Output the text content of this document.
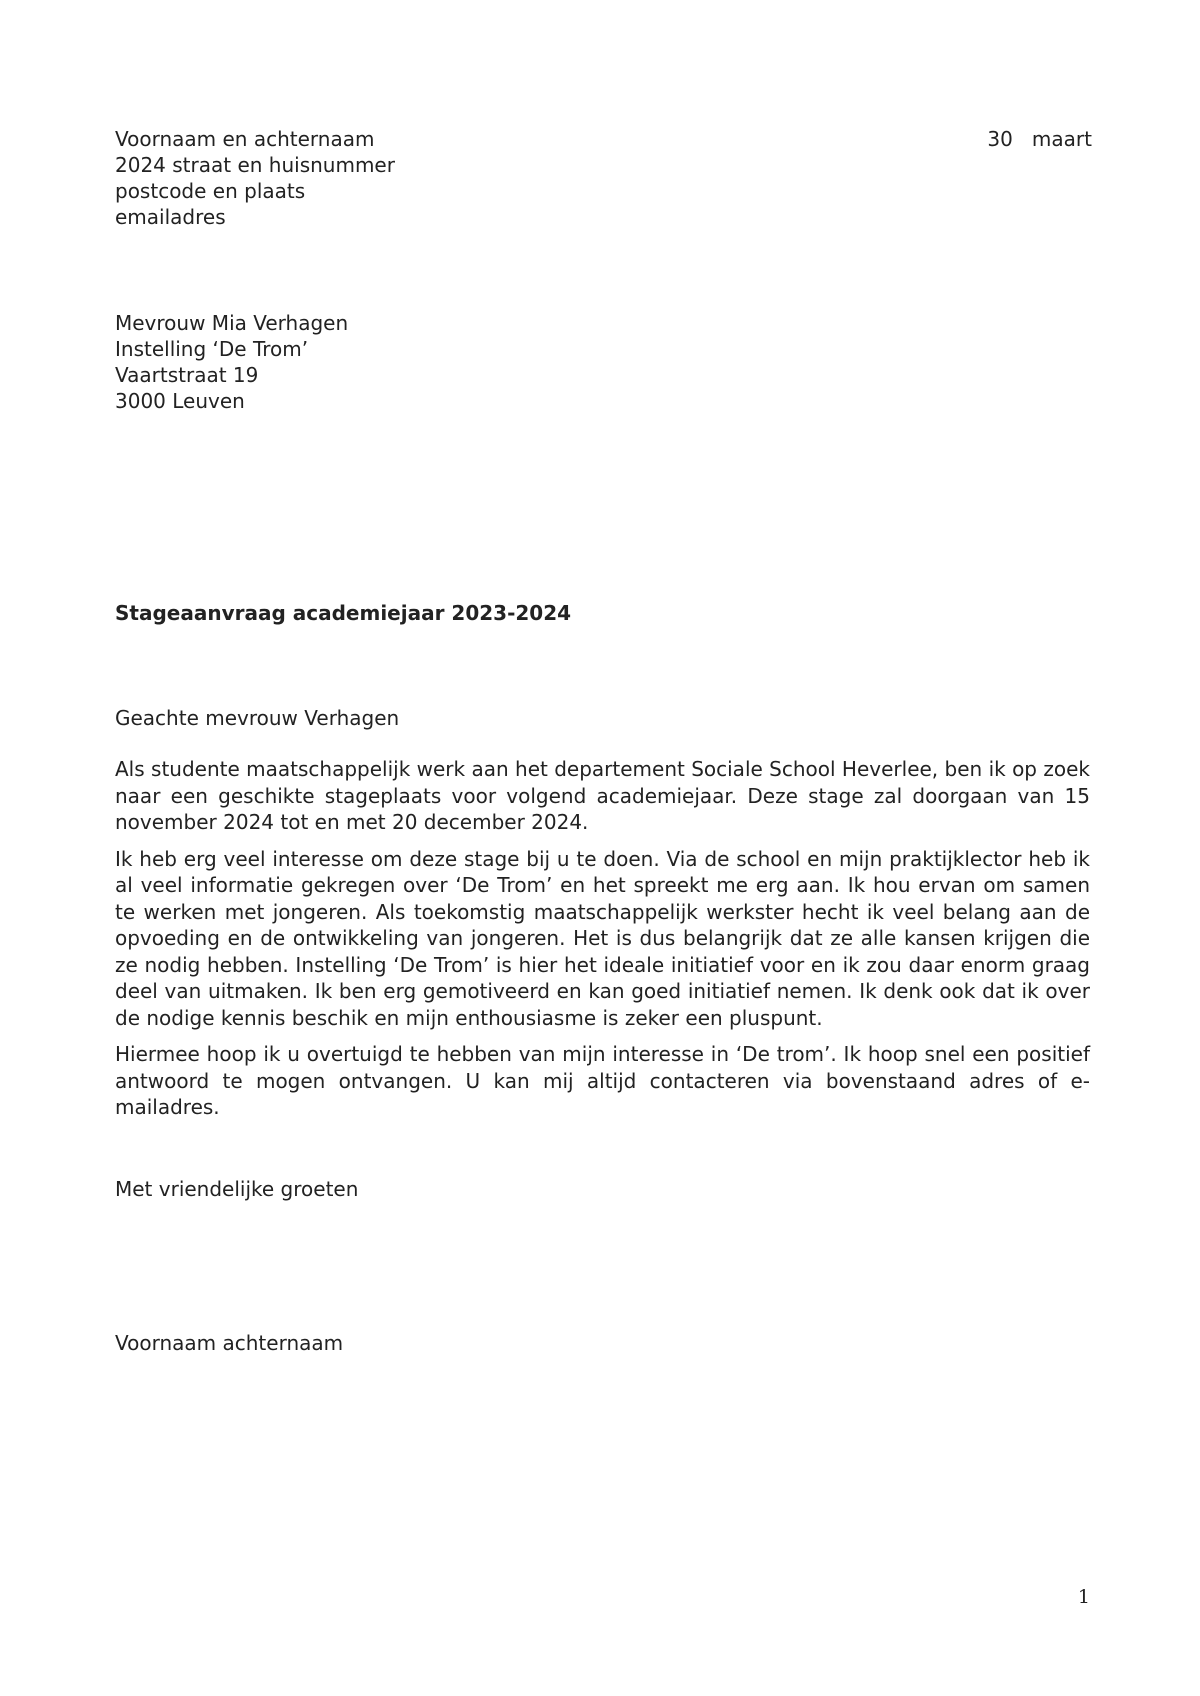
Voornaam en achternaam
2024 straat en huisnummer
postcode en plaats
emailadres
30   maart
Mevrouw Mia Verhagen
Instelling ‘De Trom’
Vaartstraat 19
3000 Leuven
Stageaanvraag academiejaar 2023-2024
Geachte mevrouw Verhagen

Als studente maatschappelijk werk aan het departement Sociale School Heverlee, ben ik op zoek naar een geschikte stageplaats voor volgend academiejaar. Deze stage zal doorgaan van 15 november 2024 tot en met 20 december 2024.

Ik heb erg veel interesse om deze stage bij u te doen. Via de school en mijn praktijklector heb ik al veel informatie gekregen over ‘De Trom’ en het spreekt me erg aan. Ik hou ervan om samen te werken met jongeren. Als toekomstig maatschappelijk werkster hecht ik veel belang aan de opvoeding en de ontwikkeling van jongeren. Het is dus belangrijk dat ze alle kansen krijgen die ze nodig hebben. Instelling ‘De Trom’ is hier het ideale initiatief voor en ik zou daar enorm graag deel van uitmaken. Ik ben erg gemotiveerd en kan goed initiatief nemen. Ik denk ook dat ik over de nodige kennis beschik en mijn enthousiasme is zeker een pluspunt.

Hiermee hoop ik u overtuigd te hebben van mijn interesse in ‘De trom’. Ik hoop snel een positief antwoord te mogen ontvangen. U kan mij altijd contacteren via bovenstaand adres of e-mailadres.

Met vriendelijke groeten
Voornaam achternaam
1
